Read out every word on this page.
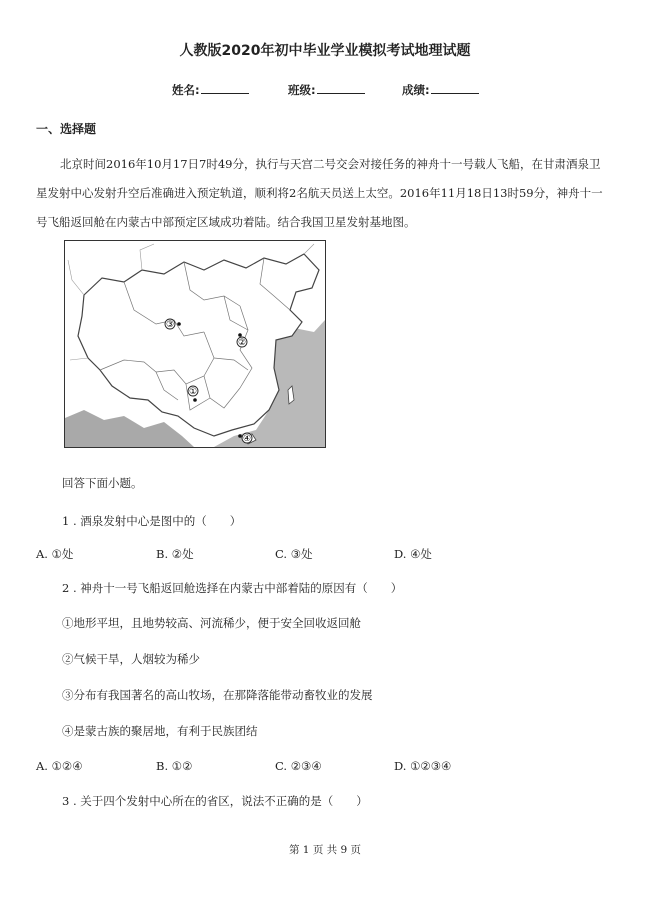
人教版2020年初中毕业学业模拟考试地理试题
姓名:	班级:	成绩:
一、选择题
北京时间2016年10月17日7时49分，执行与天宫二号交会对接任务的神舟十一号载人飞船，在甘肃酒泉卫
星发射中心发射升空后准确进入预定轨道，顺利将2名航天员送上太空。2016年11月18日13时59分，神舟十一
号飞船返回舱在内蒙古中部预定区域成功着陆。结合我国卫星发射基地图。
①
②
③
④
回答下面小题。
1 . 酒泉发射中心是图中的（　　）
A. ①处	B. ②处	C. ③处	D. ④处
2 . 神舟十一号飞船返回舱选择在内蒙古中部着陆的原因有（　　）
①地形平坦，且地势较高、河流稀少，便于安全回收返回舱
②气候干旱，人烟较为稀少
③分布有我国著名的高山牧场，在那降落能带动畜牧业的发展
④是蒙古族的聚居地，有利于民族团结
A. ①②④	B. ①②	C. ②③④	D. ①②③④
3 . 关于四个发射中心所在的省区，说法不正确的是（　　）
第 1 页 共 9 页
